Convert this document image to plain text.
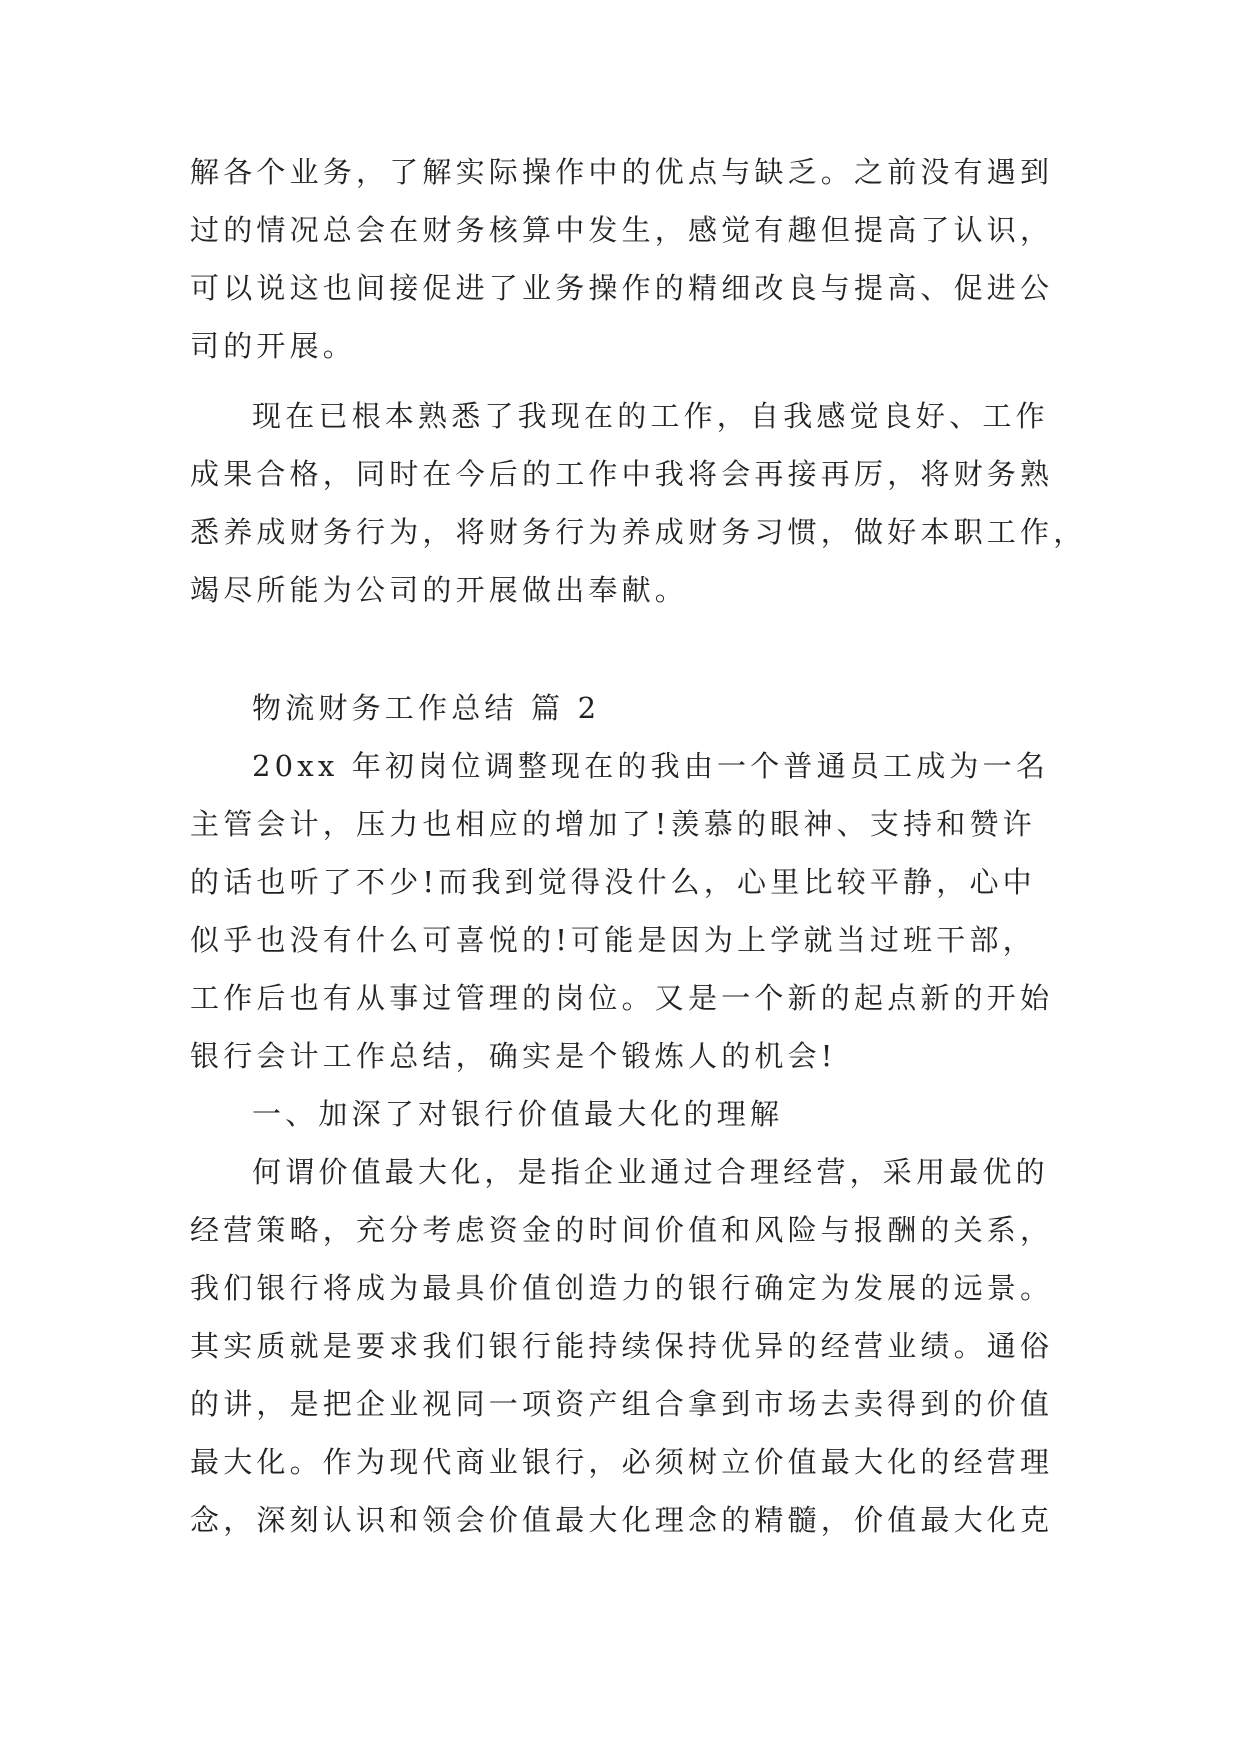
解各个业务，了解实际操作中的优点与缺乏。之前没有遇到

过的情况总会在财务核算中发生，感觉有趣但提高了认识，

可以说这也间接促进了业务操作的精细改良与提高、促进公

司的开展。

现在已根本熟悉了我现在的工作，自我感觉良好、工作

成果合格，同时在今后的工作中我将会再接再厉，将财务熟

悉养成财务行为，将财务行为养成财务习惯，做好本职工作，

竭尽所能为公司的开展做出奉献。

物流财务工作总结 篇 2

20xx 年初岗位调整现在的我由一个普通员工成为一名

主管会计，压力也相应的增加了!羡慕的眼神、支持和赞许

的话也听了不少!而我到觉得没什么，心里比较平静，心中

似乎也没有什么可喜悦的!可能是因为上学就当过班干部，

工作后也有从事过管理的岗位。又是一个新的起点新的开始

银行会计工作总结，确实是个锻炼人的机会!

一、加深了对银行价值最大化的理解

何谓价值最大化，是指企业通过合理经营，采用最优的

经营策略，充分考虑资金的时间价值和风险与报酬的关系，

我们银行将成为最具价值创造力的银行确定为发展的远景。

其实质就是要求我们银行能持续保持优异的经营业绩。通俗

的讲，是把企业视同一项资产组合拿到市场去卖得到的价值

最大化。作为现代商业银行，必须树立价值最大化的经营理

念，深刻认识和领会价值最大化理念的精髓，价值最大化克
